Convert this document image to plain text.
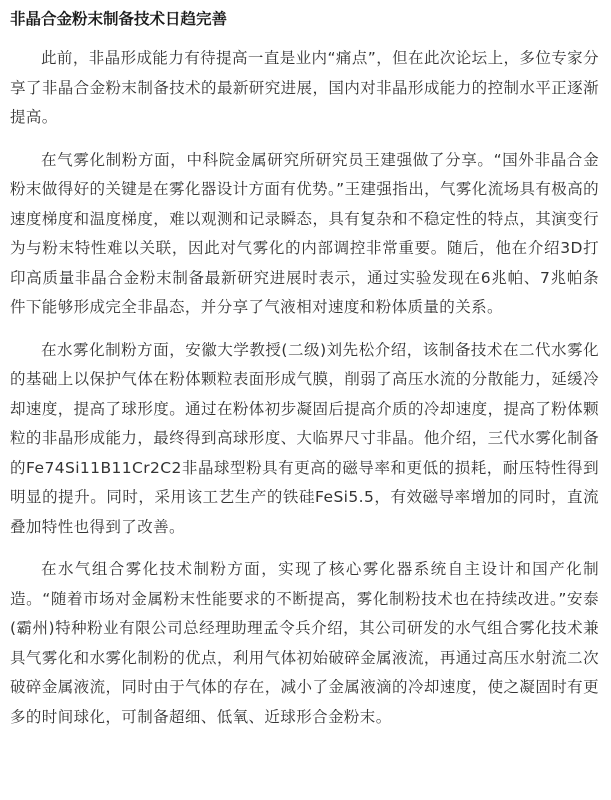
非晶合金粉末制备技术日趋完善

此前，非晶形成能力有待提高一直是业内“痛点”，但在此次论坛上，多位专家分享了非晶合金粉末制备技术的最新研究进展，国内对非晶形成能力的控制水平正逐渐提高。

在气雾化制粉方面，中科院金属研究所研究员王建强做了分享。“国外非晶合金粉末做得好的关键是在雾化器设计方面有优势。”王建强指出，气雾化流场具有极高的速度梯度和温度梯度，难以观测和记录瞬态，具有复杂和不稳定性的特点，其演变行为与粉末特性难以关联，因此对气雾化的内部调控非常重要。随后，他在介绍3D打印高质量非晶合金粉末制备最新研究进展时表示，通过实验发现在6兆帕、7兆帕条件下能够形成完全非晶态，并分享了气液相对速度和粉体质量的关系。

在水雾化制粉方面，安徽大学教授(二级)刘先松介绍，该制备技术在二代水雾化的基础上以保护气体在粉体颗粒表面形成气膜，削弱了高压水流的分散能力，延缓冷却速度，提高了球形度。通过在粉体初步凝固后提高介质的冷却速度，提高了粉体颗粒的非晶形成能力，最终得到高球形度、大临界尺寸非晶。他介绍，三代水雾化制备的Fe74Si11B11Cr2C2非晶球型粉具有更高的磁导率和更低的损耗，耐压特性得到明显的提升。同时，采用该工艺生产的铁硅FeSi5.5，有效磁导率增加的同时，直流叠加特性也得到了改善。

在水气组合雾化技术制粉方面，实现了核心雾化器系统自主设计和国产化制造。“随着市场对金属粉末性能要求的不断提高，雾化制粉技术也在持续改进。”安泰(霸州)特种粉业有限公司总经理助理孟令兵介绍，其公司研发的水气组合雾化技术兼具气雾化和水雾化制粉的优点，利用气体初始破碎金属液流，再通过高压水射流二次破碎金属液流，同时由于气体的存在，减小了金属液滴的冷却速度，使之凝固时有更多的时间球化，可制备超细、低氧、近球形合金粉末。
